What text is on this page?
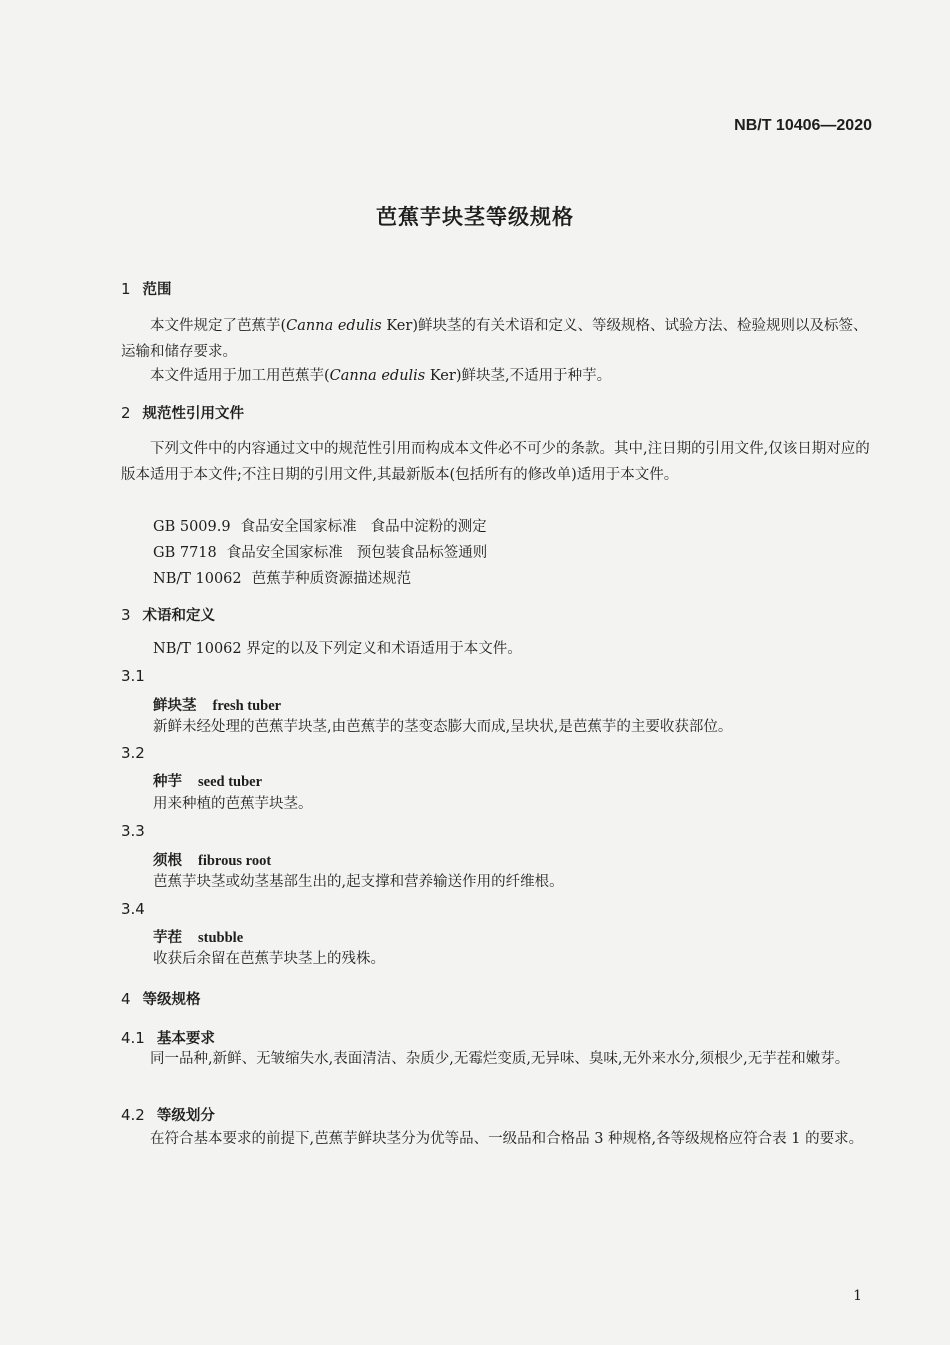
NB/T 10406—2020
芭蕉芋块茎等级规格
1 范围
本文件规定了芭蕉芋(Canna edulis Ker)鲜块茎的有关术语和定义、等级规格、试验方法、检验规则以及标签、运输和储存要求。
本文件适用于加工用芭蕉芋(Canna edulis Ker)鲜块茎,不适用于种芋。
2 规范性引用文件
下列文件中的内容通过文中的规范性引用而构成本文件必不可少的条款。其中,注日期的引用文件,仅该日期对应的版本适用于本文件;不注日期的引用文件,其最新版本(包括所有的修改单)适用于本文件。
GB 5009.9 食品安全国家标准 食品中淀粉的测定
GB 7718 食品安全国家标准 预包装食品标签通则
NB/T 10062 芭蕉芋种质资源描述规范
3 术语和定义
NB/T 10062 界定的以及下列定义和术语适用于本文件。
3.1
鲜块茎 fresh tuber
新鲜未经处理的芭蕉芋块茎,由芭蕉芋的茎变态膨大而成,呈块状,是芭蕉芋的主要收获部位。
3.2
种芋 seed tuber
用来种植的芭蕉芋块茎。
3.3
须根 fibrous root
芭蕉芋块茎或幼茎基部生出的,起支撑和营养输送作用的纤维根。
3.4
芋茬 stubble
收获后余留在芭蕉芋块茎上的残株。
4 等级规格
4.1 基本要求
同一品种,新鲜、无皱缩失水,表面清洁、杂质少,无霉烂变质,无异味、臭味,无外来水分,须根少,无芋茬和嫩芽。
4.2 等级划分
在符合基本要求的前提下,芭蕉芋鲜块茎分为优等品、一级品和合格品 3 种规格,各等级规格应符合表 1 的要求。
1
